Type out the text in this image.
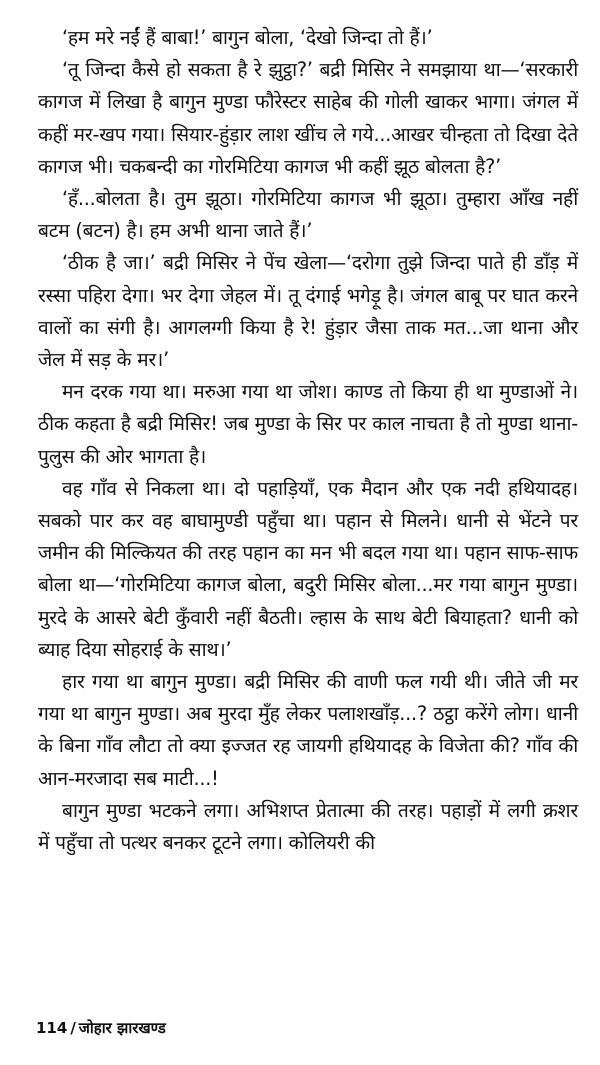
‘हम मरे नईं हैं बाबा!’ बागुन बोला, ‘देखो जिन्दा तो हैं।’

‘तू जिन्दा कैसे हो सकता है रे झुट्ठा?’ बद्री मिसिर ने समझाया था—‘सरकारी कागज में लिखा है बागुन मुण्डा फौरेस्टर साहेब की गोली खाकर भागा। जंगल में कहीं मर-खप गया। सियार-हुंड़ार लाश खींच ले गये...आखर चीन्हता तो दिखा देते कागज भी। चकबन्दी का गोरमिटिया कागज भी कहीं झूठ बोलता है?’

‘हँ...बोलता है। तुम झूठा। गोरमिटिया कागज भी झूठा। तुम्हारा आँख नहीं बटम (बटन) है। हम अभी थाना जाते हैं।’

‘ठीक है जा।’ बद्री मिसिर ने पेंच खेला—‘दरोगा तुझे जिन्दा पाते ही डाँड़ में रस्सा पहिरा देगा। भर देगा जेहल में। तू दंगाई भगेड़ू है। जंगल बाबू पर घात करने वालों का संगी है। आगलग्गी किया है रे! हुंड़ार जैसा ताक मत...जा थाना और जेल में सड़ के मर।’

मन दरक गया था। मरुआ गया था जोश। काण्ड तो किया ही था मुण्डाओं ने। ठीक कहता है बद्री मिसिर! जब मुण्डा के सिर पर काल नाचता है तो मुण्डा थाना-पुलुस की ओर भागता है।

वह गाँव से निकला था। दो पहाड़ियाँ, एक मैदान और एक नदी हथियादह। सबको पार कर वह बाघामुण्डी पहुँचा था। पहान से मिलने। धानी से भेंटने पर जमीन की मिल्कियत की तरह पहान का मन भी बदल गया था। पहान साफ-साफ बोला था—‘गोरमिटिया कागज बोला, बदुरी मिसिर बोला...मर गया बागुन मुण्डा। मुरदे के आसरे बेटी कुँवारी नहीं बैठती। ल्हास के साथ बेटी बियाहता? धानी को ब्याह दिया सोहराई के साथ।’

हार गया था बागुन मुण्डा। बद्री मिसिर की वाणी फल गयी थी। जीते जी मर गया था बागुन मुण्डा। अब मुरदा मुँह लेकर पलाशखाँड़...? ठट्ठा करेंगे लोग। धानी के बिना गाँव लौटा तो क्या इज्जत रह जायगी हथियादह के विजेता की? गाँव की आन-मरजादा सब माटी...!

बागुन मुण्डा भटकने लगा। अभिशप्त प्रेतात्मा की तरह। पहाड़ों में लगी क्रशर में पहुँचा तो पत्थर बनकर टूटने लगा। कोलियरी की

114 / जोहार झारखण्ड
